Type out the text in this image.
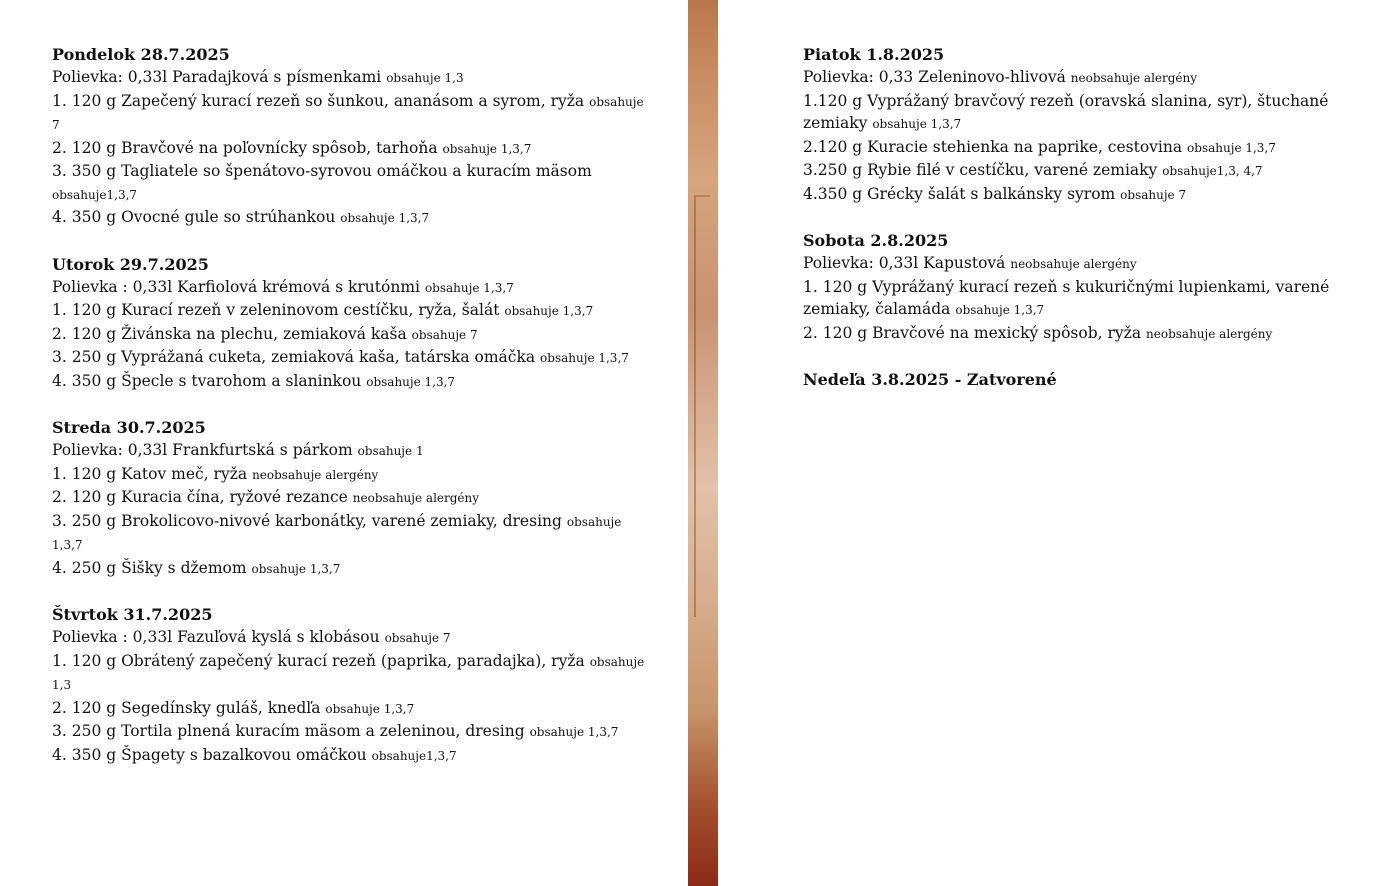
Pondelok 28.7.2025
Polievka: 0,33l Paradajková s písmenkami obsahuje 1,3
1. 120 g Zapečený kurací rezeň so šunkou, ananásom a syrom, ryža obsahuje 7
2. 120 g Bravčové na poľovnícky spôsob, tarhoňa obsahuje 1,3,7
3. 350 g Tagliatele so špenátovo-syrovou omáčkou a kuracím mäsom obsahuje1,3,7
4. 350 g Ovocné gule so strúhankou obsahuje 1,3,7
Utorok 29.7.2025
Polievka : 0,33l Karfiolová krémová s krutónmi obsahuje 1,3,7
1. 120 g Kurací rezeň v zeleninovom cestíčku, ryža, šalát obsahuje 1,3,7
2. 120 g Živánska na plechu, zemiaková kaša obsahuje 7
3. 250 g Vyprážaná cuketa, zemiaková kaša, tatárska omáčka obsahuje 1,3,7
4. 350 g Špecle s tvarohom a slaninkou obsahuje 1,3,7
Streda 30.7.2025
Polievka: 0,33l Frankfurtská s párkom obsahuje 1
1. 120 g Katov meč, ryža neobsahuje alergény
2. 120 g Kuracia čína, ryžové rezance neobsahuje alergény
3. 250 g Brokolicovo-nivové karbonátky, varené zemiaky, dresing obsahuje 1,3,7
4. 250 g Šišky s džemom obsahuje 1,3,7
Štvrtok 31.7.2025
Polievka : 0,33l Fazuľová kyslá s klobásou obsahuje 7
1. 120 g Obrátený zapečený kurací rezeň (paprika, paradajka), ryža obsahuje 1,3
2. 120 g Segedínsky guláš, knedľa obsahuje 1,3,7
3. 250 g Tortila plnená kuracím mäsom a zeleninou, dresing obsahuje 1,3,7
4. 350 g Špagety s bazalkovou omáčkou obsahuje1,3,7
Piatok 1.8.2025
Polievka: 0,33 Zeleninovo-hlivová neobsahuje alergény
1.120 g Vyprážaný bravčový rezeň (oravská slanina, syr), štuchané zemiaky obsahuje 1,3,7
2.120 g Kuracie stehienka na paprike, cestovina obsahuje 1,3,7
3.250 g Rybie filé v cestíčku, varené zemiaky obsahuje1,3, 4,7
4.350 g Grécky šalát s balkánsky syrom obsahuje 7
Sobota 2.8.2025
Polievka: 0,33l Kapustová neobsahuje alergény
1. 120 g Vyprážaný kurací rezeň s kukuričnými lupienkami, varené zemiaky, čalamáda obsahuje 1,3,7
2. 120 g Bravčové na mexický spôsob, ryža neobsahuje alergény
Nedeľa 3.8.2025 - Zatvorené
